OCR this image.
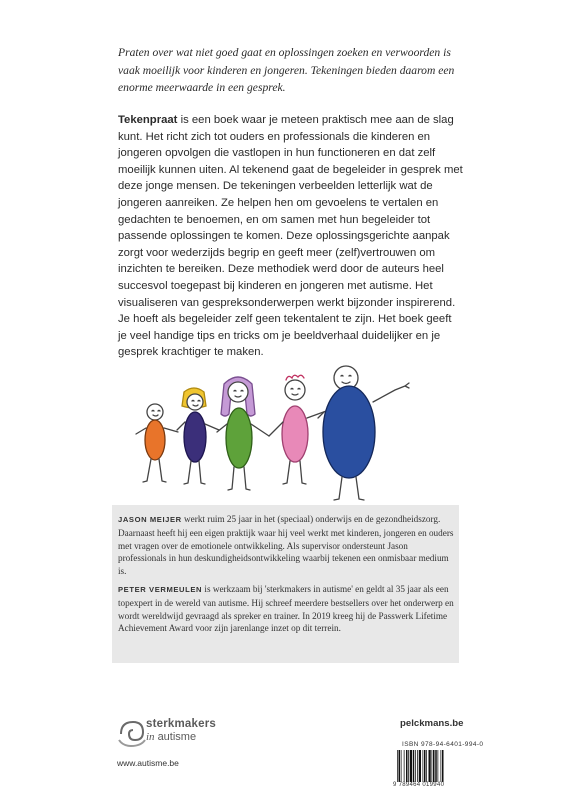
Praten over wat niet goed gaat en oplossingen zoeken en verwoorden is vaak moeilijk voor kinderen en jongeren. Tekeningen bieden daarom een enorme meerwaarde in een gesprek.
Tekenpraat is een boek waar je meteen praktisch mee aan de slag kunt. Het richt zich tot ouders en professionals die kinderen en jongeren opvolgen die vastlopen in hun functioneren en dat zelf moeilijk kunnen uiten. Al tekenend gaat de begeleider in gesprek met deze jonge mensen. De tekeningen verbeelden letterlijk wat de jongeren aanreiken. Ze helpen hen om gevoelens te vertalen en gedachten te benoemen, en om samen met hun begeleider tot passende oplossingen te komen. Deze oplossingsgerichte aanpak zorgt voor wederzijds begrip en geeft meer (zelf)vertrouwen om inzichten te bereiken. Deze methodiek werd door de auteurs heel succesvol toegepast bij kinderen en jongeren met autisme. Het visualiseren van gespreksonderwerpen werkt bijzonder inspirerend. Je hoeft als begeleider zelf geen tekentalent te zijn. Het boek geeft je veel handige tips en tricks om je beeldverhaal duidelijker en je gesprek krachtiger te maken.
JASON MEIJER werkt ruim 25 jaar in het (speciaal) onderwijs en de gezondheidszorg. Daarnaast heeft hij een eigen praktijk waar hij veel werkt met kinderen, jongeren en ouders met vragen over de emotionele ontwikkeling. Als supervisor ondersteunt Jason professionals in hun deskundigheidsontwikkeling waarbij tekenen een onmisbaar medium is.
PETER VERMEULEN is werkzaam bij 'sterkmakers in autisme' en geldt al 35 jaar als een topexpert in de wereld van autisme. Hij schreef meerdere bestsellers over het onderwerp en wordt wereldwijd gevraagd als spreker en trainer. In 2019 kreeg hij de Passwerk Lifetime Achievement Award voor zijn jarenlange inzet op dit terrein.
sterkmakers
in autisme
www.autisme.be
pelckmans.be
ISBN 978-94-6401-994-0
9 789464 019940
